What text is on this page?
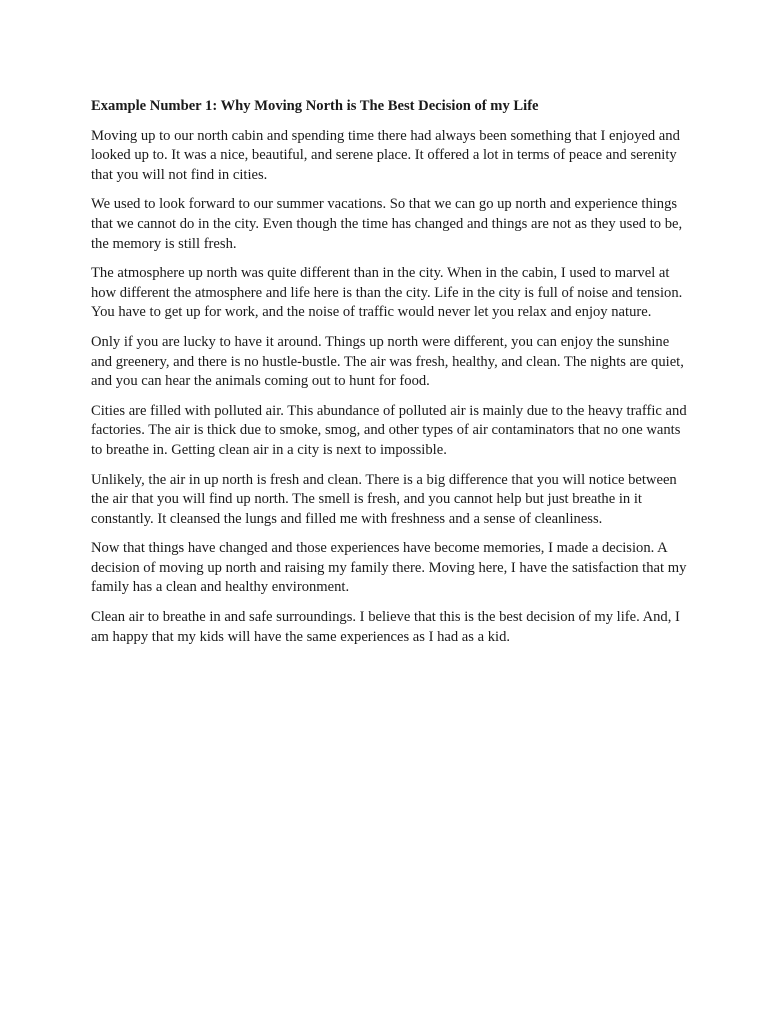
Example Number 1: Why Moving North is The Best Decision of my Life

Moving up to our north cabin and spending time there had always been something that I enjoyed and looked up to. It was a nice, beautiful, and serene place. It offered a lot in terms of peace and serenity that you will not find in cities.

We used to look forward to our summer vacations. So that we can go up north and experience things that we cannot do in the city. Even though the time has changed and things are not as they used to be, the memory is still fresh.

The atmosphere up north was quite different than in the city. When in the cabin, I used to marvel at how different the atmosphere and life here is than the city. Life in the city is full of noise and tension. You have to get up for work, and the noise of traffic would never let you relax and enjoy nature.

Only if you are lucky to have it around. Things up north were different, you can enjoy the sunshine and greenery, and there is no hustle-bustle. The air was fresh, healthy, and clean. The nights are quiet, and you can hear the animals coming out to hunt for food.

Cities are filled with polluted air. This abundance of polluted air is mainly due to the heavy traffic and factories. The air is thick due to smoke, smog, and other types of air contaminators that no one wants to breathe in. Getting clean air in a city is next to impossible.

Unlikely, the air in up north is fresh and clean. There is a big difference that you will notice between the air that you will find up north. The smell is fresh, and you cannot help but just breathe in it constantly. It cleansed the lungs and filled me with freshness and a sense of cleanliness.

Now that things have changed and those experiences have become memories, I made a decision. A decision of moving up north and raising my family there. Moving here, I have the satisfaction that my family has a clean and healthy environment.

Clean air to breathe in and safe surroundings. I believe that this is the best decision of my life. And, I am happy that my kids will have the same experiences as I had as a kid.
